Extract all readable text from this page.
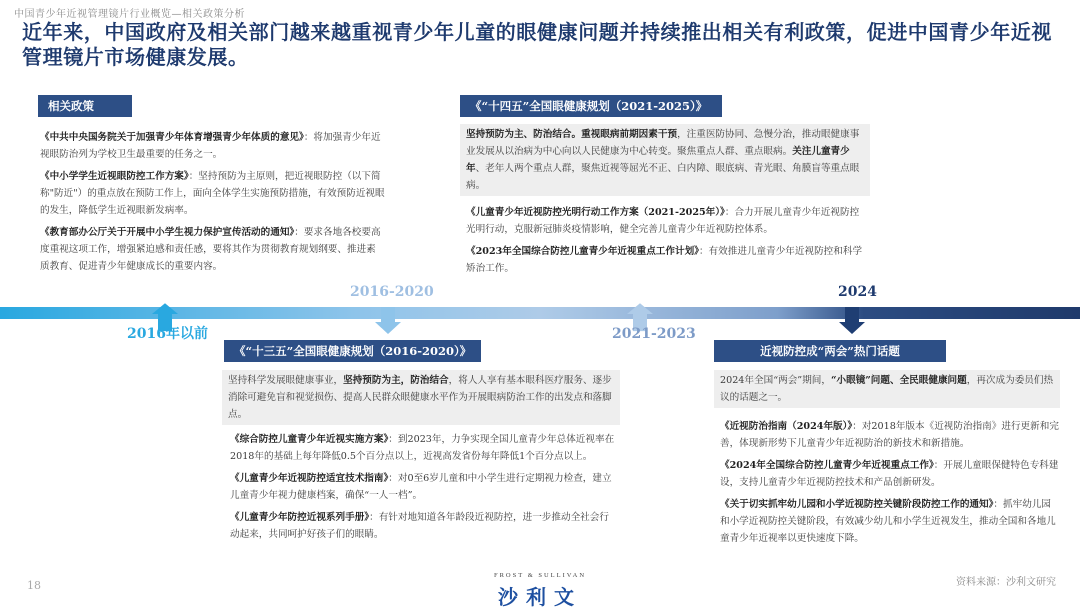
中国青少年近视管理镜片行业概览—相关政策分析
近年来，中国政府及相关部门越来越重视青少年儿童的眼健康问题并持续推出相关有利政策，促进中国青少年近视管理镜片市场健康发展。
2016年以前
2016-2020
2021-2023
2024
相关政策

《中共中央国务院关于加强青少年体育增强青少年体质的意见》：将加强青少年近视眼防治列为学校卫生最重要的任务之一。

《中小学学生近视眼防控工作方案》：坚持预防为主原则，把近视眼防控（以下简称"防近"）的重点放在预防工作上，面向全体学生实施预防措施，有效预防近视眼的发生，降低学生近视眼新发病率。

《教育部办公厅关于开展中小学生视力保护宣传活动的通知》：要求各地各校要高度重视这项工作，增强紧迫感和责任感，要将其作为贯彻教育规划纲要、推进素质教育、促进青少年健康成长的重要内容。

《“十三五”全国眼健康规划（2016-2020）》
坚持科学发展眼健康事业，坚持预防为主，防治结合，将人人享有基本眼科医疗服务、逐步消除可避免盲和视觉损伤、提高人民群众眼健康水平作为开展眼病防治工作的出发点和落脚点。

《综合防控儿童青少年近视实施方案》：到2023年，力争实现全国儿童青少年总体近视率在2018年的基础上每年降低0.5个百分点以上，近视高发省份每年降低1个百分点以上。

《儿童青少年近视防控适宜技术指南》：对0至6岁儿童和中小学生进行定期视力检查，建立儿童青少年视力健康档案，确保“一人一档”。

《儿童青少年防控近视系列手册》：有针对地知道各年龄段近视防控，进一步推动全社会行动起来，共同呵护好孩子们的眼睛。

《“十四五”全国眼健康规划（2021-2025）》
坚持预防为主、防治结合。重视眼病前期因素干预，注重医防协同、急慢分治，推动眼健康事业发展从以治病为中心向以人民健康为中心转变。聚焦重点人群、重点眼病。关注儿童青少年、老年人两个重点人群，聚焦近视等屈光不正、白内障、眼底病、青光眼、角膜盲等重点眼病。

《儿童青少年近视防控光明行动工作方案（2021-2025年）》：合力开展儿童青少年近视防控光明行动，克服新冠肺炎疫情影响，健全完善儿童青少年近视防控体系。

《2023年全国综合防控儿童青少年近视重点工作计划》：有效推进儿童青少年近视防控和科学矫治工作。

近视防控成“两会”热门话题
2024年全国“两会”期间，“小眼镜”问题、全民眼健康问题，再次成为委员们热议的话题之一。

《近视防治指南（2024年版）》：对2018年版本《近视防治指南》进行更新和完善，体现新形势下儿童青少年近视防治的新技术和新措施。

《2024年全国综合防控儿童青少年近视重点工作》：开展儿童眼保健特色专科建设，支持儿童青少年近视防控技术和产品创新研发。

《关于切实抓牢幼儿园和小学近视防控关键阶段防控工作的通知》：抓牢幼儿园和小学近视防控关键阶段，有效减少幼儿和小学生近视发生，推动全国和各地儿童青少年近视率以更快速度下降。

18
FROST & SULLIVAN
沙利文
资料来源：沙利文研究
